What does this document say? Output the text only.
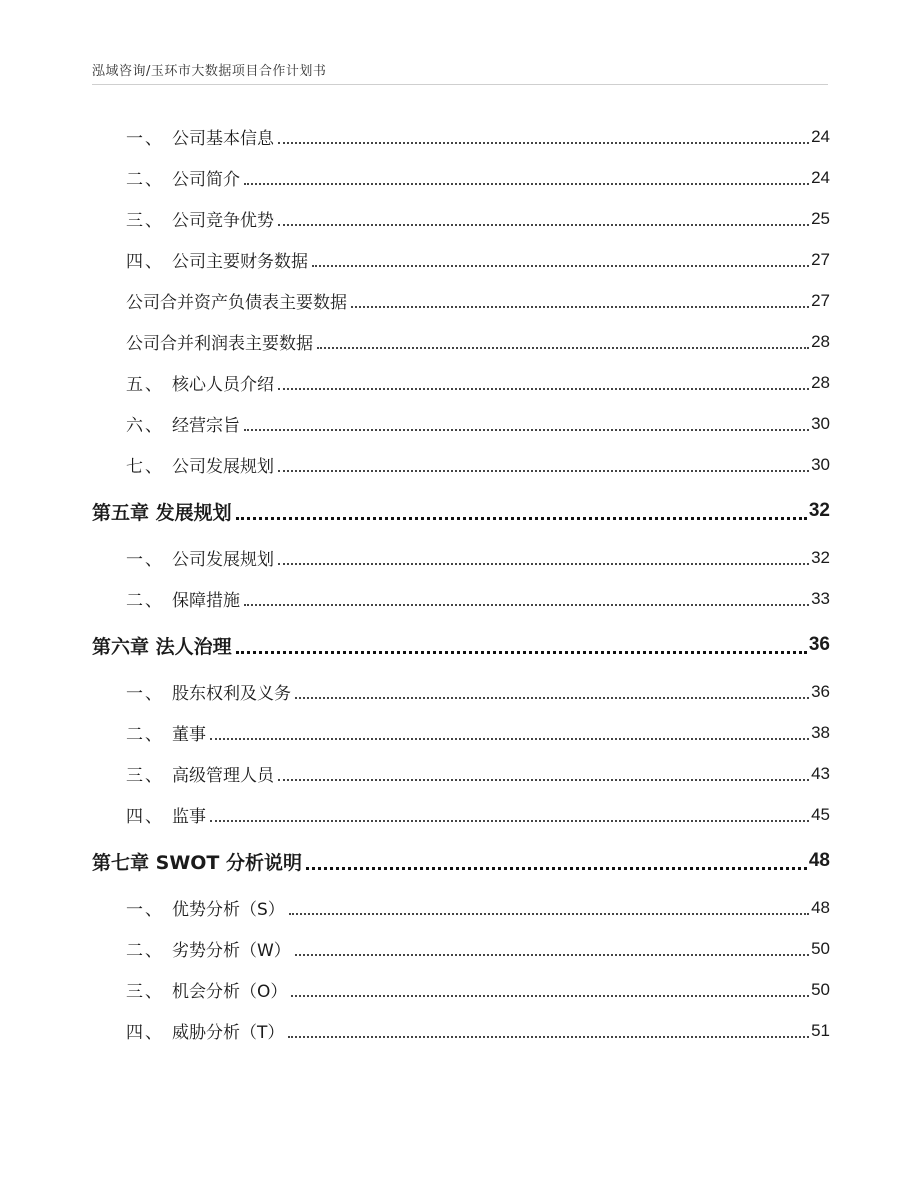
泓域咨询/玉环市大数据项目合作计划书
一、 公司基本信息	24
二、 公司简介	24
三、 公司竞争优势	25
四、 公司主要财务数据	27
公司合并资产负债表主要数据	27
公司合并利润表主要数据	28
五、 核心人员介绍	28
六、 经营宗旨	30
七、 公司发展规划	30
第五章 发展规划	32
一、 公司发展规划	32
二、 保障措施	33
第六章 法人治理	36
一、 股东权利及义务	36
二、 董事	38
三、 高级管理人员	43
四、 监事	45
第七章 SWOT 分析说明	48
一、 优势分析（S）	48
二、 劣势分析（W）	50
三、 机会分析（O）	50
四、 威胁分析（T）	51
